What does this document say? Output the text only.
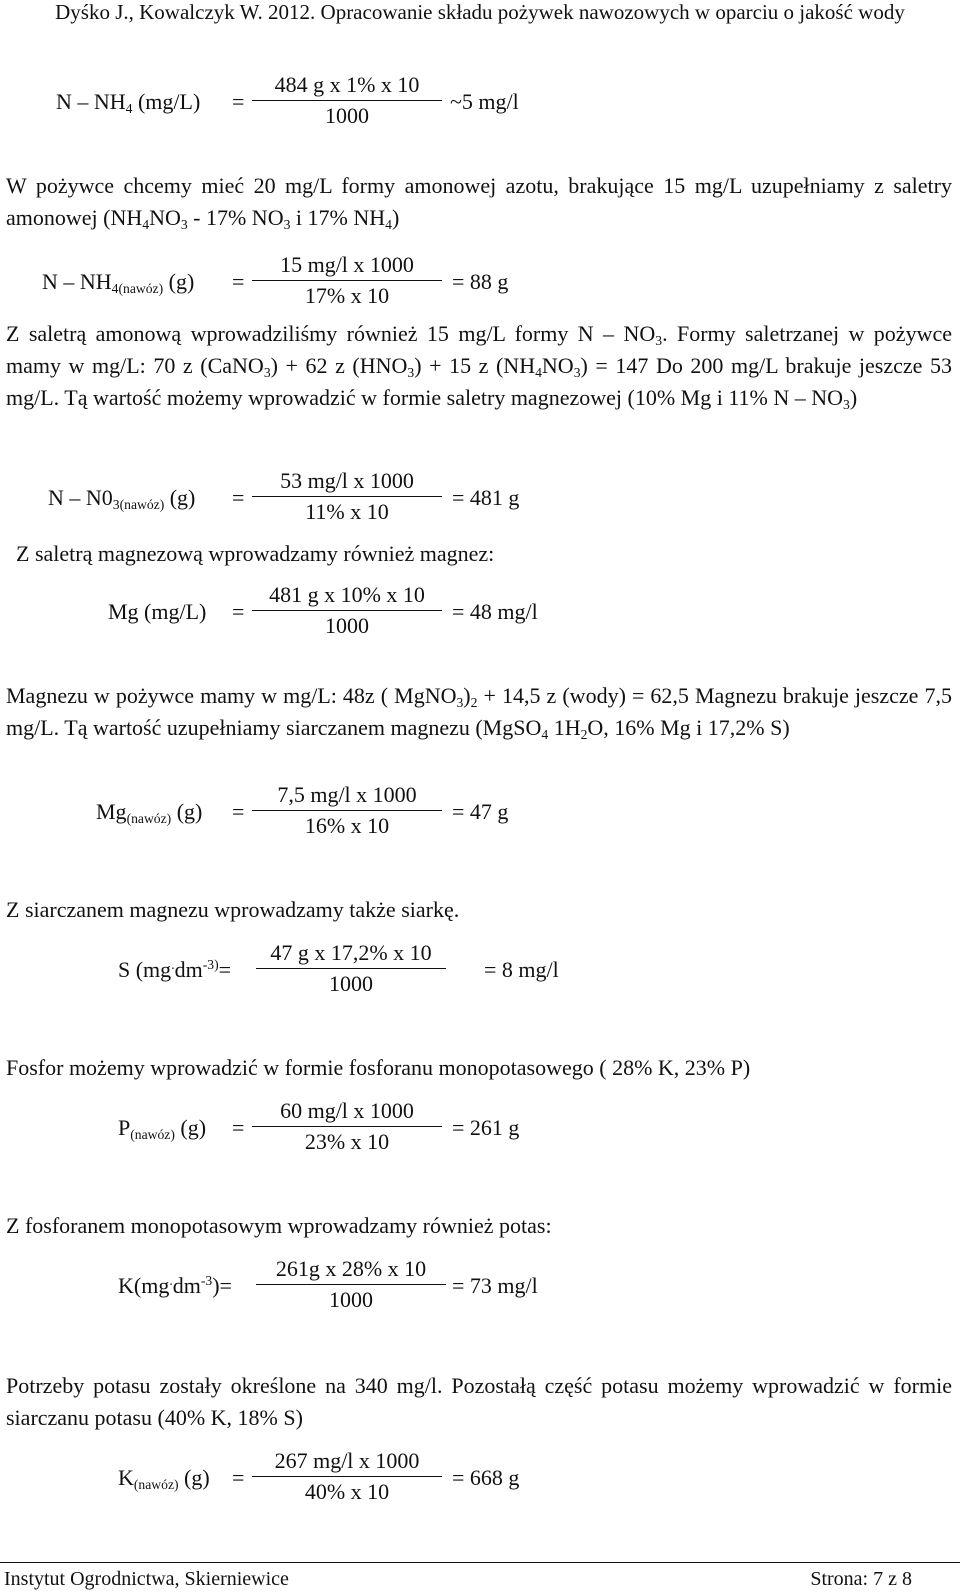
Dyśko J., Kowalczyk W. 2012. Opracowanie składu pożywek nawozowych w oparciu o jakość wody
N – $NH_4$ (mg/L) =
484 g x 1% x 10
1000
~5 mg/l
W pożywce chcemy mieć 20 mg/L formy amonowej azotu, brakujące 15 mg/L uzupełniamy z saletry amonowej ($NH_4NO_3 - 17\%$ $NO_3$ i 17% $NH_4$)
N – $NH_{4(nawóz)}$ (g) =
15 mg/l x 1000
17% x 10
= 88 g
Z saletrą amonową wprowadziliśmy również 15 mg/L formy N – $NO_3$. Formy saletrzanej w pożywce mamy w mg/L: 70 z (CaNO$_3$) + 62 z $(HNO_3) + 15$ z $(NH_4NO_3) = 147$ Do 200 mg/L brakuje jeszcze 53 mg/L. Tą wartość możemy wprowadzić w formie saletry magnezowej (10% Mg i 11% N – $NO_3$)
N – $N0_{3(nawóz)}$ (g) =
53 mg/l x 1000
11% x 10
= 481 g
Z saletrą magnezową wprowadzamy również magnez:
Mg (mg/L) =
481 g x 10% x 10
1000
= 48 mg/l
Magnezu w pożywce mamy w mg/L: 48z ( $MgNO_3)_2 + 14,5$ z (wody) = 62,5 Magnezu brakuje jeszcze 7,5 mg/L. Tą wartość uzupełniamy siarczanem magnezu (MgSO$_4$ $1H_2O$, 16% Mg i 17,2% S)
$Mg_{(nawóz)}$ (g) =
7,5 mg/l x 1000
16% x 10
= 47 g
Z siarczanem magnezu wprowadzamy także siarkę.
S ($mg^.dm^{-3)}=$
47 g x 17,2% x 10
1000
= 8 mg/l
Fosfor możemy wprowadzić w formie fosforanu monopotasowego ( 28% K, 23% P)
$P_{(nawóz)}$ (g) =
60 mg/l x 1000
23% x 10
= 261 g
Z fosforanem monopotasowym wprowadzamy również potas:
$K(mg^.dm^{-3})=$
261g x 28% x 10
1000
= 73 mg/l
Potrzeby potasu zostały określone na 340 mg/l. Pozostałą część potasu możemy wprowadzić w formie siarczanu potasu (40% K, 18% S)
$K_{(nawóz)}$ (g) =
267 mg/l x 1000
40% x 10
= 668 g
Instytut Ogrodnictwa, Skierniewice	Strona: 7 z 8
